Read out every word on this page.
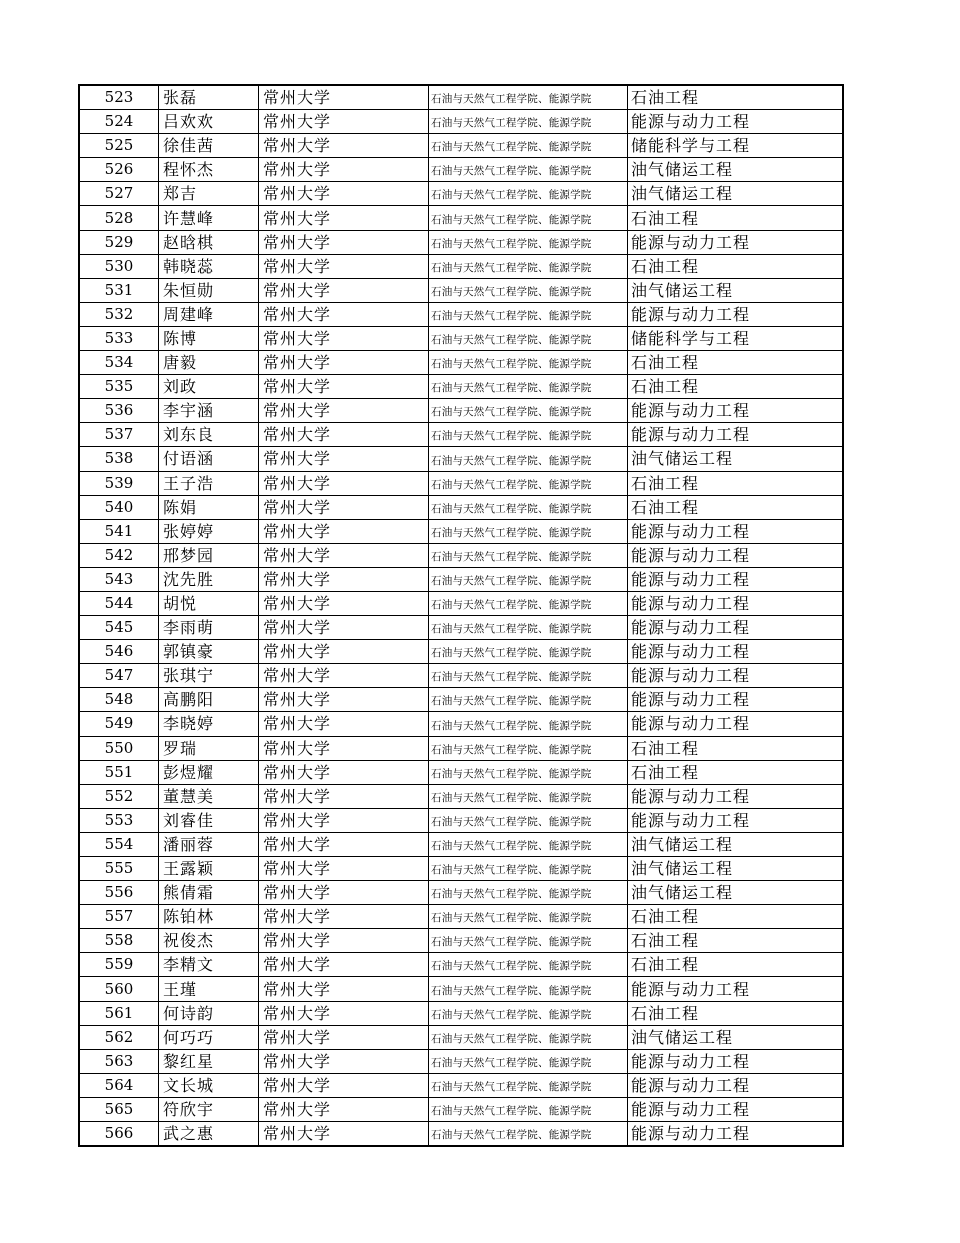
523	张磊	常州大学	石油与天然气工程学院、能源学院	石油工程
524	吕欢欢	常州大学	石油与天然气工程学院、能源学院	能源与动力工程
525	徐佳茜	常州大学	石油与天然气工程学院、能源学院	储能科学与工程
526	程怀杰	常州大学	石油与天然气工程学院、能源学院	油气储运工程
527	郑吉	常州大学	石油与天然气工程学院、能源学院	油气储运工程
528	许慧峰	常州大学	石油与天然气工程学院、能源学院	石油工程
529	赵晗棋	常州大学	石油与天然气工程学院、能源学院	能源与动力工程
530	韩晓蕊	常州大学	石油与天然气工程学院、能源学院	石油工程
531	朱恒勋	常州大学	石油与天然气工程学院、能源学院	油气储运工程
532	周建峰	常州大学	石油与天然气工程学院、能源学院	能源与动力工程
533	陈博	常州大学	石油与天然气工程学院、能源学院	储能科学与工程
534	唐毅	常州大学	石油与天然气工程学院、能源学院	石油工程
535	刘政	常州大学	石油与天然气工程学院、能源学院	石油工程
536	李宇涵	常州大学	石油与天然气工程学院、能源学院	能源与动力工程
537	刘东良	常州大学	石油与天然气工程学院、能源学院	能源与动力工程
538	付语涵	常州大学	石油与天然气工程学院、能源学院	油气储运工程
539	王子浩	常州大学	石油与天然气工程学院、能源学院	石油工程
540	陈娟	常州大学	石油与天然气工程学院、能源学院	石油工程
541	张婷婷	常州大学	石油与天然气工程学院、能源学院	能源与动力工程
542	邢梦园	常州大学	石油与天然气工程学院、能源学院	能源与动力工程
543	沈先胜	常州大学	石油与天然气工程学院、能源学院	能源与动力工程
544	胡悦	常州大学	石油与天然气工程学院、能源学院	能源与动力工程
545	李雨萌	常州大学	石油与天然气工程学院、能源学院	能源与动力工程
546	郭镇豪	常州大学	石油与天然气工程学院、能源学院	能源与动力工程
547	张琪宁	常州大学	石油与天然气工程学院、能源学院	能源与动力工程
548	高鹏阳	常州大学	石油与天然气工程学院、能源学院	能源与动力工程
549	李晓婷	常州大学	石油与天然气工程学院、能源学院	能源与动力工程
550	罗瑞	常州大学	石油与天然气工程学院、能源学院	石油工程
551	彭煜耀	常州大学	石油与天然气工程学院、能源学院	石油工程
552	董慧美	常州大学	石油与天然气工程学院、能源学院	能源与动力工程
553	刘睿佳	常州大学	石油与天然气工程学院、能源学院	能源与动力工程
554	潘丽蓉	常州大学	石油与天然气工程学院、能源学院	油气储运工程
555	王露颖	常州大学	石油与天然气工程学院、能源学院	油气储运工程
556	熊倩霜	常州大学	石油与天然气工程学院、能源学院	油气储运工程
557	陈铂林	常州大学	石油与天然气工程学院、能源学院	石油工程
558	祝俊杰	常州大学	石油与天然气工程学院、能源学院	石油工程
559	李精文	常州大学	石油与天然气工程学院、能源学院	石油工程
560	王瑾	常州大学	石油与天然气工程学院、能源学院	能源与动力工程
561	何诗韵	常州大学	石油与天然气工程学院、能源学院	石油工程
562	何巧巧	常州大学	石油与天然气工程学院、能源学院	油气储运工程
563	黎红星	常州大学	石油与天然气工程学院、能源学院	能源与动力工程
564	文长城	常州大学	石油与天然气工程学院、能源学院	能源与动力工程
565	符欣宇	常州大学	石油与天然气工程学院、能源学院	能源与动力工程
566	武之惠	常州大学	石油与天然气工程学院、能源学院	能源与动力工程
